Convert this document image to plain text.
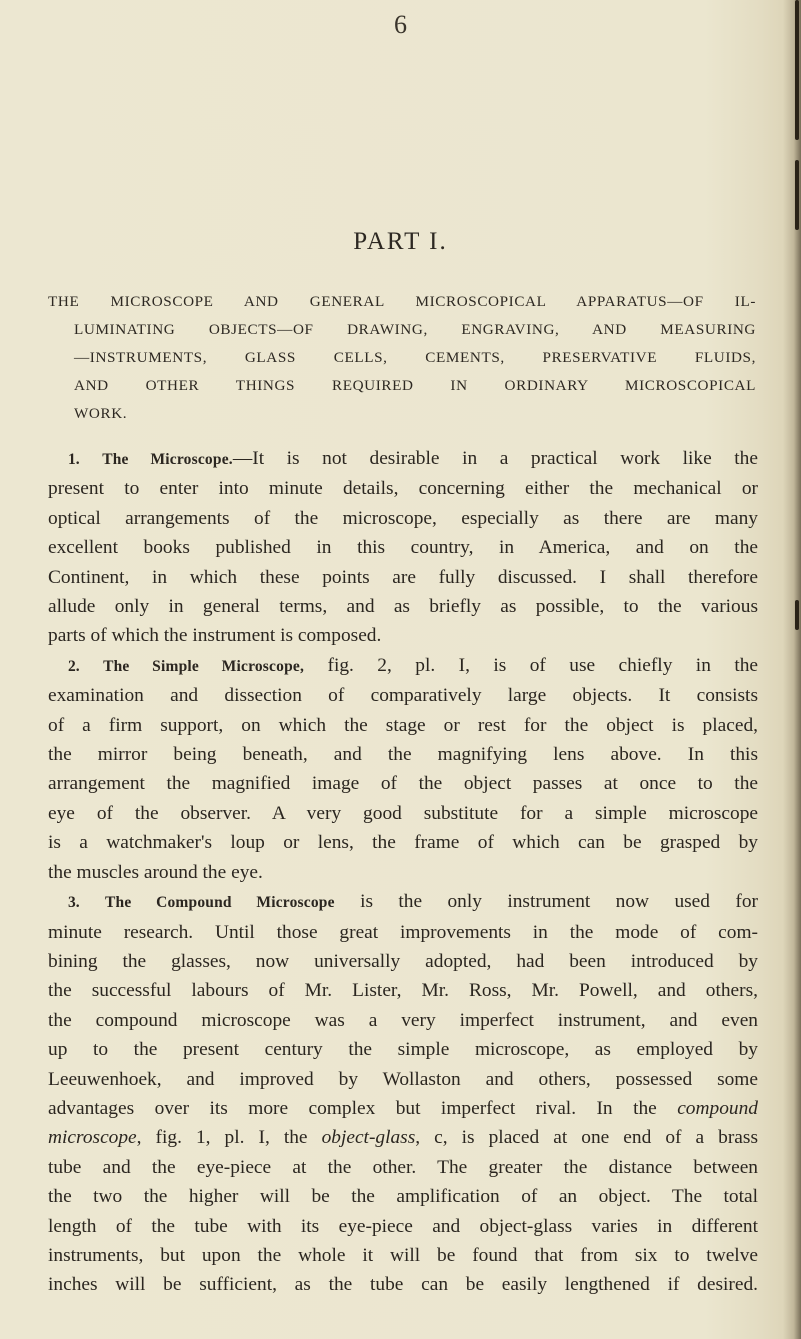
6
PART I.
THE MICROSCOPE AND GENERAL MICROSCOPICAL APPARATUS—OF IL-
LUMINATING OBJECTS—OF DRAWING, ENGRAVING, AND MEASURING
—INSTRUMENTS, GLASS CELLS, CEMENTS, PRESERVATIVE FLUIDS,
AND OTHER THINGS REQUIRED IN ORDINARY MICROSCOPICAL
WORK.
1. The Microscope.—It is not desirable in a practical work like the
present to enter into minute details, concerning either the mechanical or
optical arrangements of the microscope, especially as there are many
excellent books published in this country, in America, and on the
Continent, in which these points are fully discussed. I shall therefore
allude only in general terms, and as briefly as possible, to the various
parts of which the instrument is composed.
2. The Simple Microscope, fig. 2, pl. I, is of use chiefly in the
examination and dissection of comparatively large objects. It consists
of a firm support, on which the stage or rest for the object is placed,
the mirror being beneath, and the magnifying lens above. In this
arrangement the magnified image of the object passes at once to the
eye of the observer. A very good substitute for a simple microscope
is a watchmaker's loup or lens, the frame of which can be grasped by
the muscles around the eye.
3. The Compound Microscope is the only instrument now used for
minute research. Until those great improvements in the mode of com-
bining the glasses, now universally adopted, had been introduced by
the successful labours of Mr. Lister, Mr. Ross, Mr. Powell, and others,
the compound microscope was a very imperfect instrument, and even
up to the present century the simple microscope, as employed by
Leeuwenhoek, and improved by Wollaston and others, possessed some
advantages over its more complex but imperfect rival. In the compound
microscope, fig. 1, pl. I, the object-glass, c, is placed at one end of a brass
tube and the eye-piece at the other. The greater the distance between
the two the higher will be the amplification of an object. The total
length of the tube with its eye-piece and object-glass varies in different
instruments, but upon the whole it will be found that from six to twelve
inches will be sufficient, as the tube can be easily lengthened if desired.
